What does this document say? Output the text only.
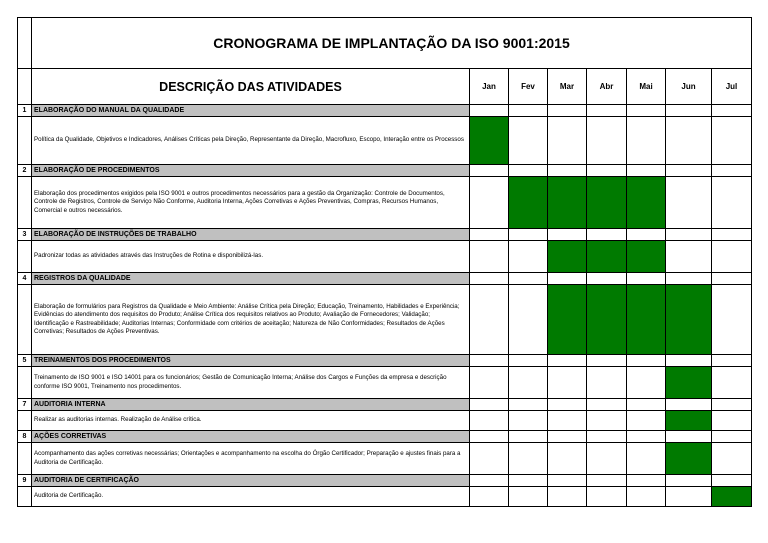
	CRONOGRAMA DE IMPLANTAÇÃO DA ISO 9001:2015							
	DESCRIÇÃO DAS ATIVIDADES	Jan	Fev	Mar	Abr	Mai	Jun	Jul
1	ELABORAÇÃO DO MANUAL DA QUALIDADE							
	Política da Qualidade, Objetivos e Indicadores, Análises Críticas pela Direção, Representante da Direção, Macrofluxo, Escopo, Interação entre os Processos							
2	ELABORAÇÃO DE PROCEDIMENTOS							
	Elaboração dos procedimentos exigidos pela ISO 9001 e outros procedimentos necessários para a gestão da Organização: Controle de Documentos, Controle de Registros, Controle de Serviço Não Conforme, Auditoria Interna, Ações Corretivas e Ações Preventivas, Compras, Recursos Humanos, Comercial e outros necessários.							
3	ELABORAÇÃO DE INSTRUÇÕES DE TRABALHO							
	Padronizar todas as atividades através das Instruções de Rotina e disponibilizá-las.							
4	REGISTROS DA QUALIDADE							
	Elaboração de formulários para Registros da Qualidade e Meio Ambiente: Análise Crítica pela Direção; Educação, Treinamento, Habilidades e Experiência; Evidências do atendimento dos requisitos do Produto; Análise Crítica dos requisitos relativos ao Produto; Avaliação de Fornecedores; Validação; Identificação e Rastreabilidade; Auditorias Internas; Conformidade com critérios de aceitação; Natureza de Não Conformidades; Resultados de Ações Corretivas; Resultados de Ações Preventivas.							
5	TREINAMENTOS DOS PROCEDIMENTOS							
	Treinamento de ISO 9001 e ISO 14001 para os funcionários; Gestão de Comunicação Interna; Análise dos Cargos e Funções da empresa e descrição conforme ISO 9001, Treinamento nos procedimentos.							
7	AUDITORIA INTERNA							
	Realizar as auditorias internas. Realização de Análise crítica.							
8	AÇÕES CORRETIVAS							
	Acompanhamento das ações corretivas necessárias; Orientações e acompanhamento na escolha do Órgão Certificador; Preparação e ajustes finais para a Auditoria de Certificação.							
9	AUDITORIA DE CERTIFICAÇÃO							
	Auditoria de Certificação.							
